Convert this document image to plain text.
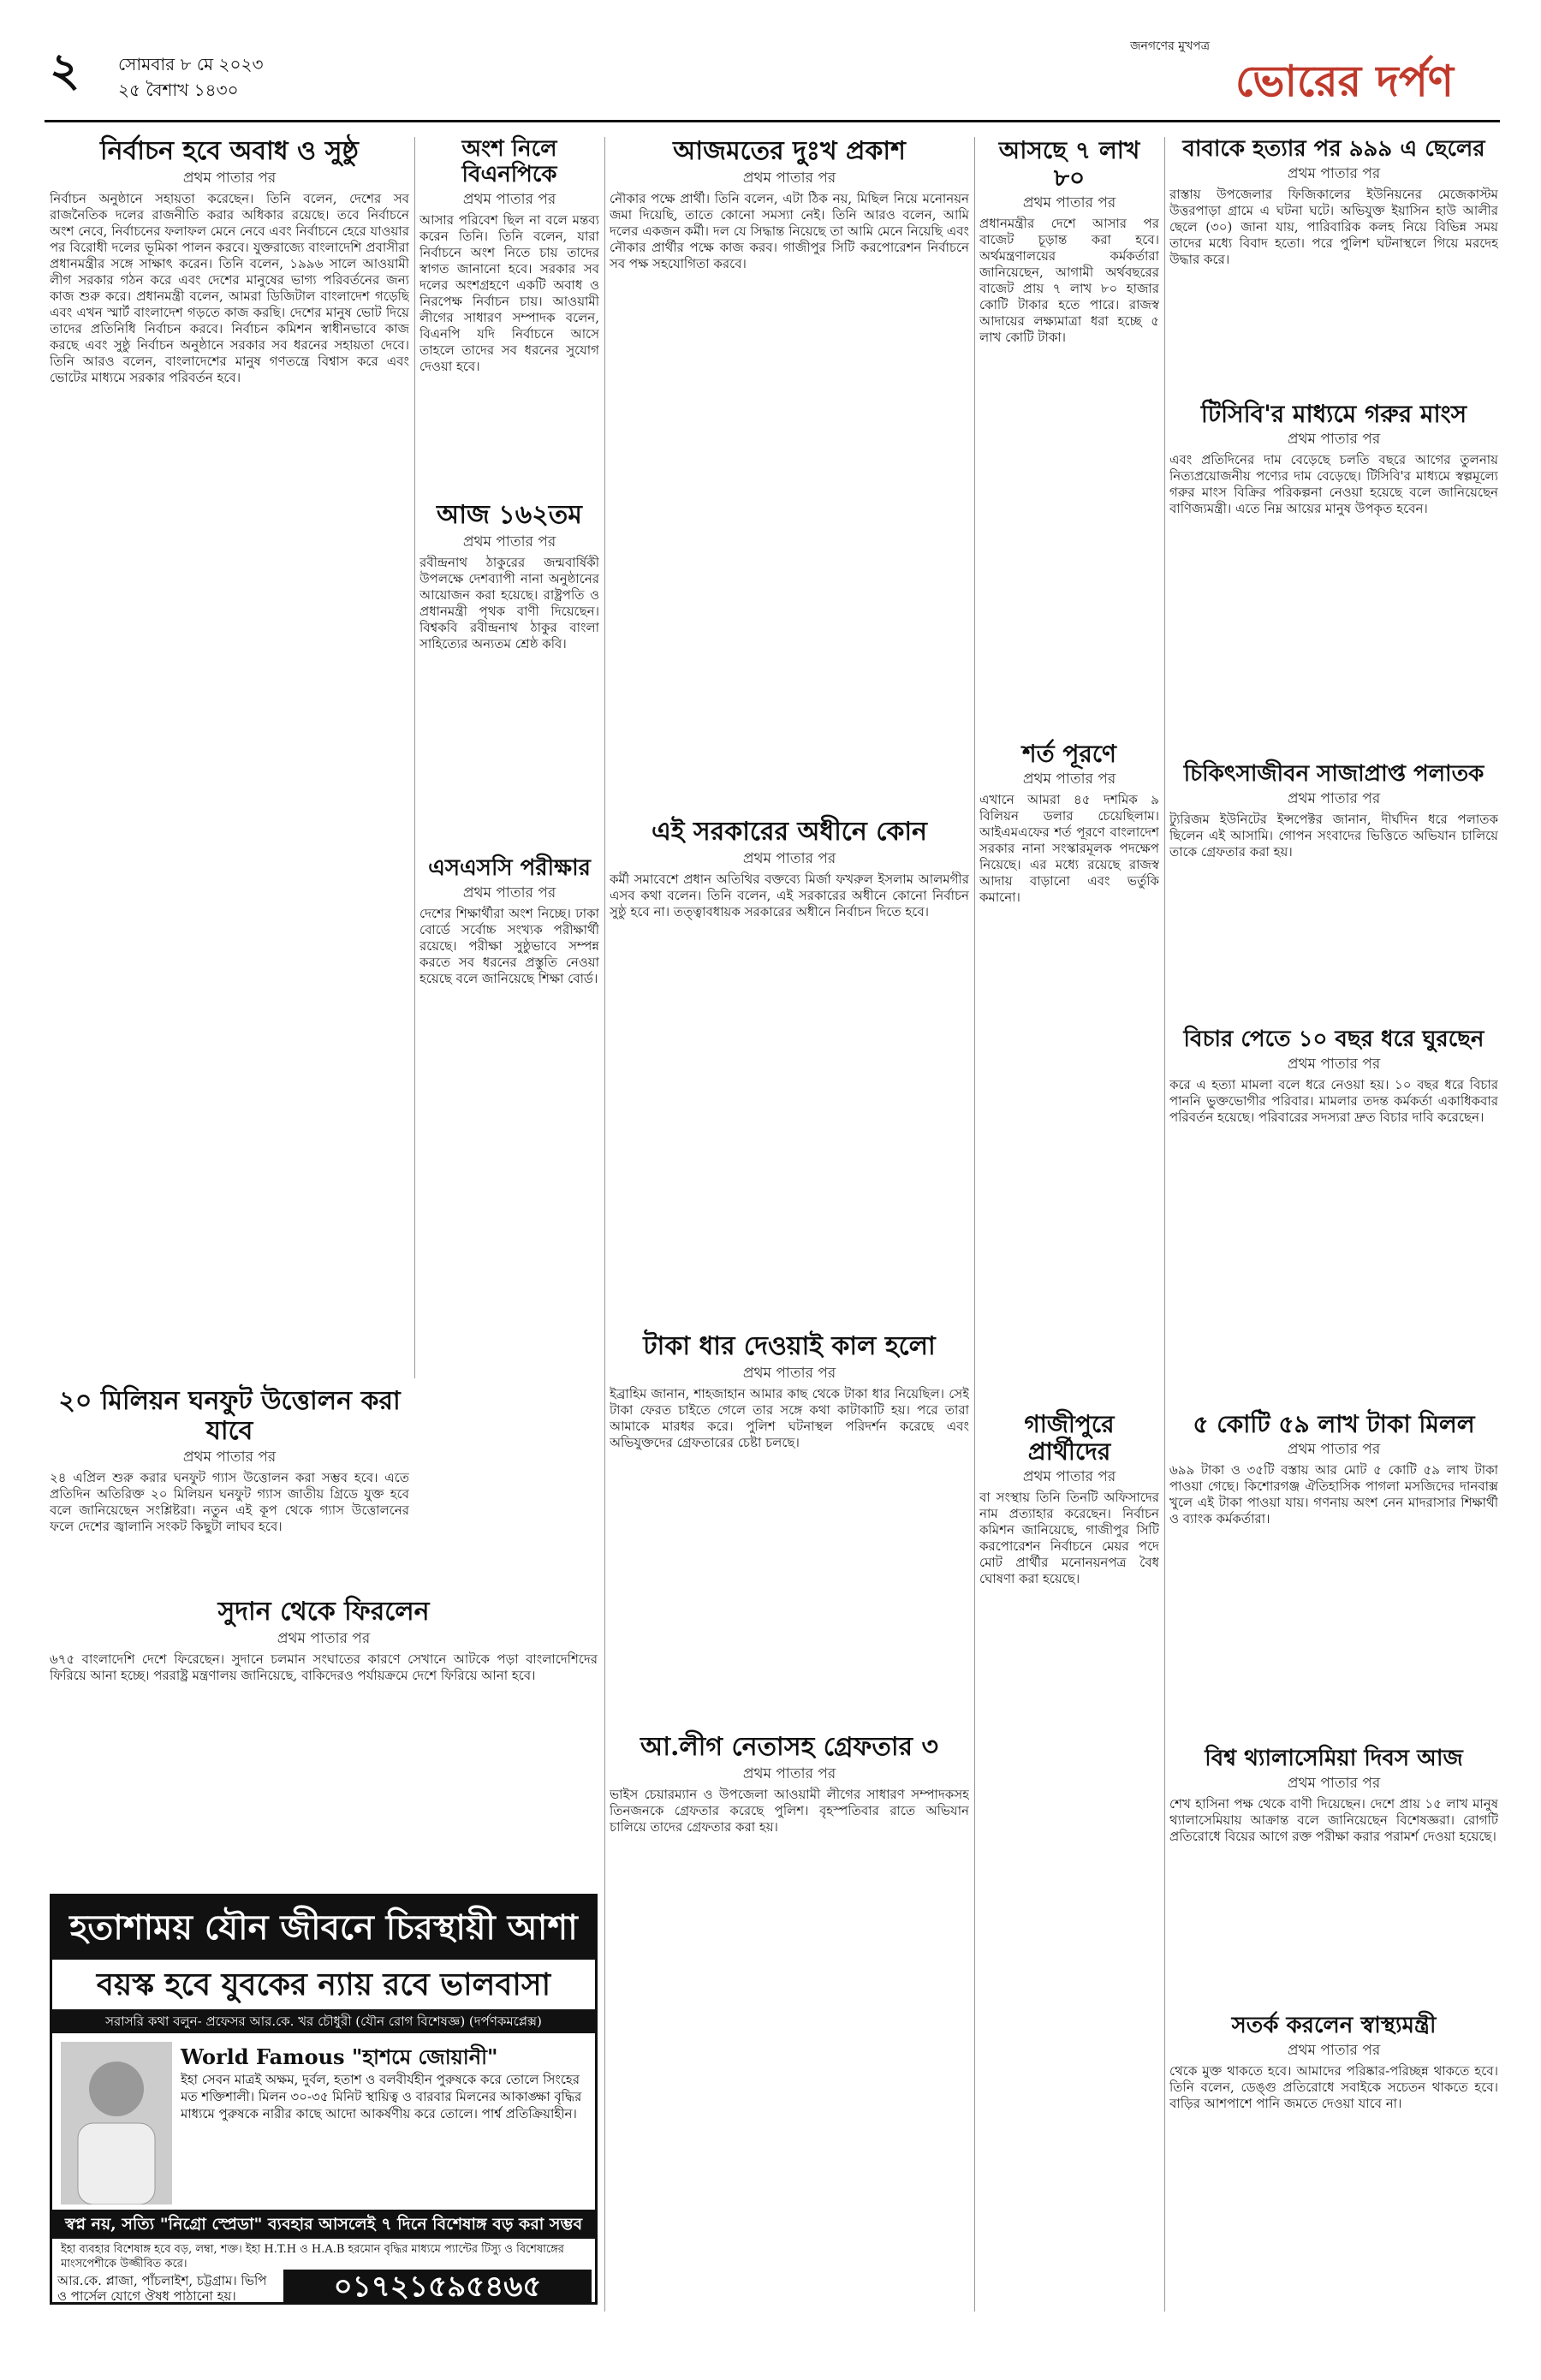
২ সোমবার ৮ মে ২০২৩
২৫ বৈশাখ ১৪৩০
জনগণের মুখপত্র
ভোরের দর্পণ
নির্বাচন হবে অবাধ ও সুষ্ঠু
প্রথম পাতার পর
নির্বাচন অনুষ্ঠানে সহায়তা করেছেন। তিনি বলেন, দেশের সব রাজনৈতিক দলের রাজনীতি করার অধিকার রয়েছে। তবে নির্বাচনে অংশ নেবে, নির্বাচনের ফলাফল মেনে নেবে এবং নির্বাচনে হেরে যাওয়ার পর বিরোধী দলের ভূমিকা পালন করবে। যুক্তরাজ্যে বাংলাদেশি প্রবাসীরা প্রধানমন্ত্রীর সঙ্গে সাক্ষাৎ করেন। তিনি বলেন, ১৯৯৬ সালে আওয়ামী লীগ সরকার গঠন করে এবং দেশের মানুষের ভাগ্য পরিবর্তনের জন্য কাজ শুরু করে। প্রধানমন্ত্রী বলেন, আমরা ডিজিটাল বাংলাদেশ গড়েছি এবং এখন স্মার্ট বাংলাদেশ গড়তে কাজ করছি। দেশের মানুষ ভোট দিয়ে তাদের প্রতিনিধি নির্বাচন করবে। নির্বাচন কমিশন স্বাধীনভাবে কাজ করছে এবং সুষ্ঠু নির্বাচন অনুষ্ঠানে সরকার সব ধরনের সহায়তা দেবে। তিনি আরও বলেন, বাংলাদেশের মানুষ গণতন্ত্রে বিশ্বাস করে এবং ভোটের মাধ্যমে সরকার পরিবর্তন হবে।
২০ মিলিয়ন ঘনফুট উত্তোলন করা যাবে
প্রথম পাতার পর
২৪ এপ্রিল শুরু করার ঘনফুট গ্যাস উত্তোলন করা সম্ভব হবে। এতে প্রতিদিন অতিরিক্ত ২০ মিলিয়ন ঘনফুট গ্যাস জাতীয় গ্রিডে যুক্ত হবে বলে জানিয়েছেন সংশ্লিষ্টরা। নতুন এই কূপ থেকে গ্যাস উত্তোলনের ফলে দেশের জ্বালানি সংকট কিছুটা লাঘব হবে।
সুদান থেকে ফিরলেন
প্রথম পাতার পর
৬৭৫ বাংলাদেশি দেশে ফিরেছেন। সুদানে চলমান সংঘাতের কারণে সেখানে আটকে পড়া বাংলাদেশিদের ফিরিয়ে আনা হচ্ছে। পররাষ্ট্র মন্ত্রণালয় জানিয়েছে, বাকিদেরও পর্যায়ক্রমে দেশে ফিরিয়ে আনা হবে।
অংশ নিলে বিএনপিকে
প্রথম পাতার পর
আসার পরিবেশ ছিল না বলে মন্তব্য করেন তিনি। তিনি বলেন, যারা নির্বাচনে অংশ নিতে চায় তাদের স্বাগত জানানো হবে। সরকার সব দলের অংশগ্রহণে একটি অবাধ ও নিরপেক্ষ নির্বাচন চায়। আওয়ামী লীগের সাধারণ সম্পাদক বলেন, বিএনপি যদি নির্বাচনে আসে তাহলে তাদের সব ধরনের সুযোগ দেওয়া হবে।
আজ ১৬২তম
প্রথম পাতার পর
রবীন্দ্রনাথ ঠাকুরের জন্মবার্ষিকী উপলক্ষে দেশব্যাপী নানা অনুষ্ঠানের আয়োজন করা হয়েছে। রাষ্ট্রপতি ও প্রধানমন্ত্রী পৃথক বাণী দিয়েছেন। বিশ্বকবি রবীন্দ্রনাথ ঠাকুর বাংলা সাহিত্যের অন্যতম শ্রেষ্ঠ কবি।
এসএসসি পরীক্ষার
প্রথম পাতার পর
দেশের শিক্ষার্থীরা অংশ নিচ্ছে। ঢাকা বোর্ডে সর্বোচ্চ সংখ্যক পরীক্ষার্থী রয়েছে। পরীক্ষা সুষ্ঠুভাবে সম্পন্ন করতে সব ধরনের প্রস্তুতি নেওয়া হয়েছে বলে জানিয়েছে শিক্ষা বোর্ড।
আজমতের দুঃখ প্রকাশ
প্রথম পাতার পর
নৌকার পক্ষে প্রার্থী। তিনি বলেন, এটা ঠিক নয়, মিছিল নিয়ে মনোনয়ন জমা দিয়েছি, তাতে কোনো সমস্যা নেই। তিনি আরও বলেন, আমি দলের একজন কর্মী। দল যে সিদ্ধান্ত নিয়েছে তা আমি মেনে নিয়েছি এবং নৌকার প্রার্থীর পক্ষে কাজ করব। গাজীপুর সিটি করপোরেশন নির্বাচনে সব পক্ষ সহযোগিতা করবে।
এই সরকারের অধীনে কোন
প্রথম পাতার পর
কর্মী সমাবেশে প্রধান অতিথির বক্তব্যে মির্জা ফখরুল ইসলাম আলমগীর এসব কথা বলেন। তিনি বলেন, এই সরকারের অধীনে কোনো নির্বাচন সুষ্ঠু হবে না। তত্ত্বাবধায়ক সরকারের অধীনে নির্বাচন দিতে হবে।
টাকা ধার দেওয়াই কাল হলো
প্রথম পাতার পর
ইব্রাহিম জানান, শাহজাহান আমার কাছ থেকে টাকা ধার নিয়েছিল। সেই টাকা ফেরত চাইতে গেলে তার সঙ্গে কথা কাটাকাটি হয়। পরে তারা আমাকে মারধর করে। পুলিশ ঘটনাস্থল পরিদর্শন করেছে এবং অভিযুক্তদের গ্রেফতারের চেষ্টা চলছে।
আ.লীগ নেতাসহ গ্রেফতার ৩
প্রথম পাতার পর
ভাইস চেয়ারম্যান ও উপজেলা আওয়ামী লীগের সাধারণ সম্পাদকসহ তিনজনকে গ্রেফতার করেছে পুলিশ। বৃহস্পতিবার রাতে অভিযান চালিয়ে তাদের গ্রেফতার করা হয়।
আসছে ৭ লাখ ৮০
প্রথম পাতার পর
প্রধানমন্ত্রীর দেশে আসার পর বাজেট চূড়ান্ত করা হবে। অর্থমন্ত্রণালয়ের কর্মকর্তারা জানিয়েছেন, আগামী অর্থবছরের বাজেট প্রায় ৭ লাখ ৮০ হাজার কোটি টাকার হতে পারে। রাজস্ব আদায়ের লক্ষ্যমাত্রা ধরা হচ্ছে ৫ লাখ কোটি টাকা।
শর্ত পূরণে
প্রথম পাতার পর
এখানে আমরা ৪৫ দশমিক ৯ বিলিয়ন ডলার চেয়েছিলাম। আইএমএফের শর্ত পূরণে বাংলাদেশ সরকার নানা সংস্কারমূলক পদক্ষেপ নিয়েছে। এর মধ্যে রয়েছে রাজস্ব আদায় বাড়ানো এবং ভর্তুকি কমানো।
গাজীপুরে প্রার্থীদের
প্রথম পাতার পর
বা সংস্থায় তিনি তিনটি অফিসাদের নাম প্রত্যাহার করেছেন। নির্বাচন কমিশন জানিয়েছে, গাজীপুর সিটি করপোরেশন নির্বাচনে মেয়র পদে মোট প্রার্থীর মনোনয়নপত্র বৈধ ঘোষণা করা হয়েছে।
বাবাকে হত্যার পর ৯৯৯ এ ছেলের
প্রথম পাতার পর
রাস্তায় উপজেলার ফিজিকালের ইউনিয়নের মেজেকাস্টম উত্তরপাড়া গ্রামে এ ঘটনা ঘটে। অভিযুক্ত ইয়াসিন হাউ আলীর ছেলে (৩০) জানা যায়, পারিবারিক কলহ নিয়ে বিভিন্ন সময় তাদের মধ্যে বিবাদ হতো। পরে পুলিশ ঘটনাস্থলে গিয়ে মরদেহ উদ্ধার করে।
টিসিবি'র মাধ্যমে গরুর মাংস
প্রথম পাতার পর
এবং প্রতিদিনের দাম বেড়েছে চলতি বছরে আগের তুলনায় নিত্যপ্রয়োজনীয় পণ্যের দাম বেড়েছে। টিসিবি'র মাধ্যমে স্বল্পমূল্যে গরুর মাংস বিক্রির পরিকল্পনা নেওয়া হয়েছে বলে জানিয়েছেন বাণিজ্যমন্ত্রী। এতে নিম্ন আয়ের মানুষ উপকৃত হবেন।
চিকিৎসাজীবন সাজাপ্রাপ্ত পলাতক
প্রথম পাতার পর
ট্যুরিজম ইউনিটের ইন্সপেক্টর জানান, দীর্ঘদিন ধরে পলাতক ছিলেন এই আসামি। গোপন সংবাদের ভিত্তিতে অভিযান চালিয়ে তাকে গ্রেফতার করা হয়।
বিচার পেতে ১০ বছর ধরে ঘুরছেন
প্রথম পাতার পর
করে এ হত্যা মামলা বলে ধরে নেওয়া হয়। ১০ বছর ধরে বিচার পাননি ভুক্তভোগীর পরিবার। মামলার তদন্ত কর্মকর্তা একাধিকবার পরিবর্তন হয়েছে। পরিবারের সদস্যরা দ্রুত বিচার দাবি করেছেন।
৫ কোটি ৫৯ লাখ টাকা মিলল
প্রথম পাতার পর
৬৯৯ টাকা ও ৩৫টি বস্তায় আর মোট ৫ কোটি ৫৯ লাখ টাকা পাওয়া গেছে। কিশোরগঞ্জ ঐতিহাসিক পাগলা মসজিদের দানবাক্স খুলে এই টাকা পাওয়া যায়। গণনায় অংশ নেন মাদরাসার শিক্ষার্থী ও ব্যাংক কর্মকর্তারা।
বিশ্ব থ্যালাসেমিয়া দিবস আজ
প্রথম পাতার পর
শেখ হাসিনা পক্ষ থেকে বাণী দিয়েছেন। দেশে প্রায় ১৫ লাখ মানুষ থ্যালাসেমিয়ায় আক্রান্ত বলে জানিয়েছেন বিশেষজ্ঞরা। রোগটি প্রতিরোধে বিয়ের আগে রক্ত পরীক্ষা করার পরামর্শ দেওয়া হয়েছে।
সতর্ক করলেন স্বাস্থ্যমন্ত্রী
প্রথম পাতার পর
থেকে মুক্ত থাকতে হবে। আমাদের পরিষ্কার-পরিচ্ছন্ন থাকতে হবে। তিনি বলেন, ডেঙ্গু প্রতিরোধে সবাইকে সচেতন থাকতে হবে। বাড়ির আশপাশে পানি জমতে দেওয়া যাবে না।
হতাশাময় যৌন জীবনে চিরস্থায়ী আশা
বয়স্ক হবে যুবকের ন্যায় রবে ভালবাসা
সরাসরি কথা বলুন- প্রফেসর আর.কে. খর চৌধুরী (যৌন রোগ বিশেষজ্ঞ) (দর্পণকমপ্লেক্স)
World Famous "হাশমে জোয়ানী"
ইহা সেবন মাত্রই অক্ষম, দুর্বল, হতাশ ও বলবীর্যহীন পুরুষকে করে তোলে সিংহের মত শক্তিশালী। মিলন ৩০-৩৫ মিনিট স্থায়িত্ব ও বারবার মিলনের আকাঙ্ক্ষা বৃদ্ধির মাধ্যমে পুরুষকে নারীর কাছে আদো আকর্ষণীয় করে তোলে। পার্শ্ব প্রতিক্রিয়াহীন।
স্বপ্ন নয়, সত্যি "নিগ্রো স্প্রেডা" ব্যবহার আসলেই ৭ দিনে বিশেষাঙ্গ বড় করা সম্ভব
ইহা ব্যবহার বিশেষাঙ্গ হবে বড়, লম্বা, শক্ত। ইহা H.T.H ও H.A.B হরমোন বৃদ্ধির মাধ্যমে প্যান্টের টিস্যু ও বিশেষাঙ্গের মাংসপেশীকে উজ্জীবিত করে।
আর.কে. প্লাজা, পাঁচলাইশ, চট্টগ্রাম। ভিপি ও পার্সেল যোগে ঔষধ পাঠানো হয়।	০১৭২১৫৯৫৪৬৫
